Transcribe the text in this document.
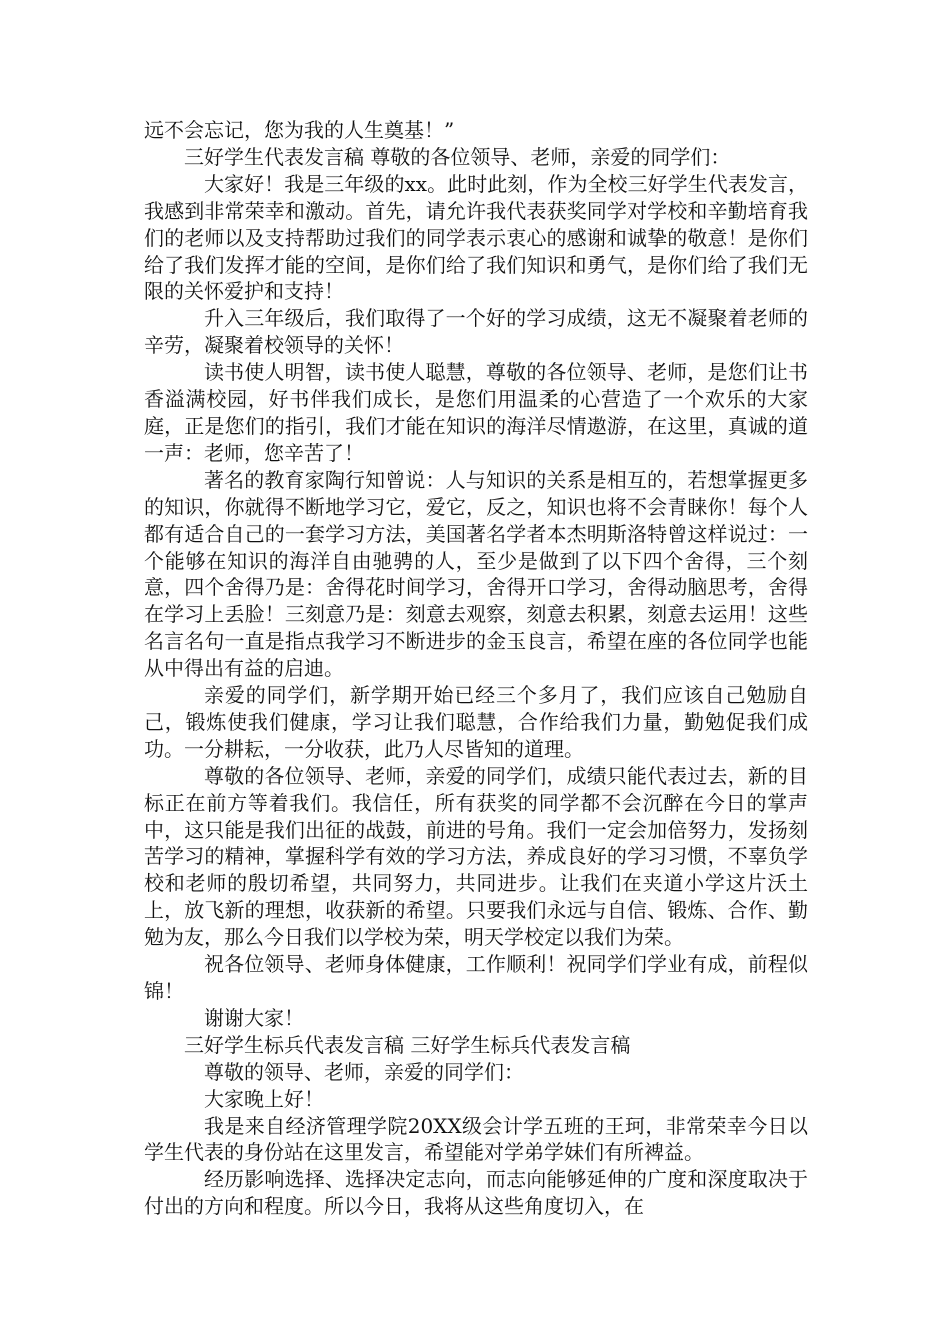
远不会忘记，您为我的人生奠基！”

三好学生代表发言稿 尊敬的各位领导、老师，亲爱的同学们：

大家好！我是三年级的xx。此时此刻，作为全校三好学生代表发言，我感到非常荣幸和激动。首先，请允许我代表获奖同学对学校和辛勤培育我们的老师以及支持帮助过我们的同学表示衷心的感谢和诚挚的敬意！是你们给了我们发挥才能的空间，是你们给了我们知识和勇气，是你们给了我们无限的关怀爱护和支持！

升入三年级后，我们取得了一个好的学习成绩，这无不凝聚着老师的辛劳，凝聚着校领导的关怀！

读书使人明智，读书使人聪慧，尊敬的各位领导、老师，是您们让书香溢满校园，好书伴我们成长，是您们用温柔的心营造了一个欢乐的大家庭，正是您们的指引，我们才能在知识的海洋尽情遨游，在这里，真诚的道一声：老师，您辛苦了！

著名的教育家陶行知曾说：人与知识的关系是相互的，若想掌握更多的知识，你就得不断地学习它，爱它，反之，知识也将不会青睐你！每个人都有适合自己的一套学习方法，美国著名学者本杰明斯洛特曾这样说过：一个能够在知识的海洋自由驰骋的人，至少是做到了以下四个舍得，三个刻意，四个舍得乃是：舍得花时间学习，舍得开口学习，舍得动脑思考，舍得在学习上丢脸！三刻意乃是：刻意去观察，刻意去积累，刻意去运用！这些名言名句一直是指点我学习不断进步的金玉良言，希望在座的各位同学也能从中得出有益的启迪。

亲爱的同学们，新学期开始已经三个多月了，我们应该自己勉励自己，锻炼使我们健康，学习让我们聪慧，合作给我们力量，勤勉促我们成功。一分耕耘，一分收获，此乃人尽皆知的道理。

尊敬的各位领导、老师，亲爱的同学们，成绩只能代表过去，新的目标正在前方等着我们。我信任，所有获奖的同学都不会沉醉在今日的掌声中，这只能是我们出征的战鼓，前进的号角。我们一定会加倍努力，发扬刻苦学习的精神，掌握科学有效的学习方法，养成良好的学习习惯，不辜负学校和老师的殷切希望，共同努力，共同进步。让我们在夹道小学这片沃土上，放飞新的理想，收获新的希望。只要我们永远与自信、锻炼、合作、勤勉为友，那么今日我们以学校为荣，明天学校定以我们为荣。

祝各位领导、老师身体健康，工作顺利！祝同学们学业有成，前程似锦！

谢谢大家！

三好学生标兵代表发言稿 三好学生标兵代表发言稿

尊敬的领导、老师，亲爱的同学们：

大家晚上好！

我是来自经济管理学院20XX级会计学五班的王珂，非常荣幸今日以学生代表的身份站在这里发言，希望能对学弟学妹们有所裨益。

经历影响选择、选择决定志向，而志向能够延伸的广度和深度取决于付出的方向和程度。所以今日，我将从这些角度切入，在
